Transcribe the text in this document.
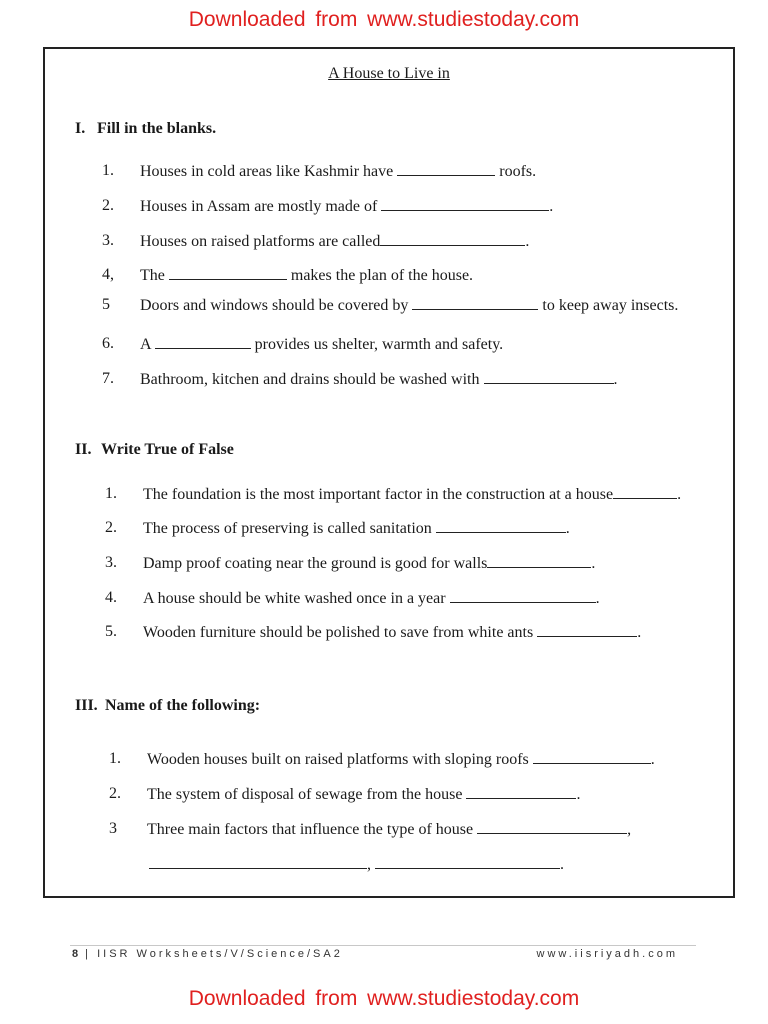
Downloaded from www.studiestoday.com
A House to Live in
I. Fill in the blanks.
1. Houses in cold areas like Kashmir have	roofs.
2. Houses in Assam are mostly made of	.
3. Houses on raised platforms are called	.
4, The	makes the plan of the house.
5 Doors and windows should be covered by	to keep away insects.
6. A	provides us shelter, warmth and safety.
7. Bathroom, kitchen and drains should be washed with	.
II. Write True of False
1. The foundation is the most important factor in the construction at a house	.
2. The process of preserving is called sanitation	.
3. Damp proof coating near the ground is good for walls	.
4. A house should be white washed once in a year	.
5. Wooden furniture should be polished to save from white ants	.
III. Name of the following:
1. Wooden houses built on raised platforms with sloping roofs	.
2. The system of disposal of sewage from the house	.
3 Three main factors that influence the type of house	,
,	.
8 | IISR Worksheets/V/Science/SA2	www.iisriyadh.com
Downloaded from www.studiestoday.com
